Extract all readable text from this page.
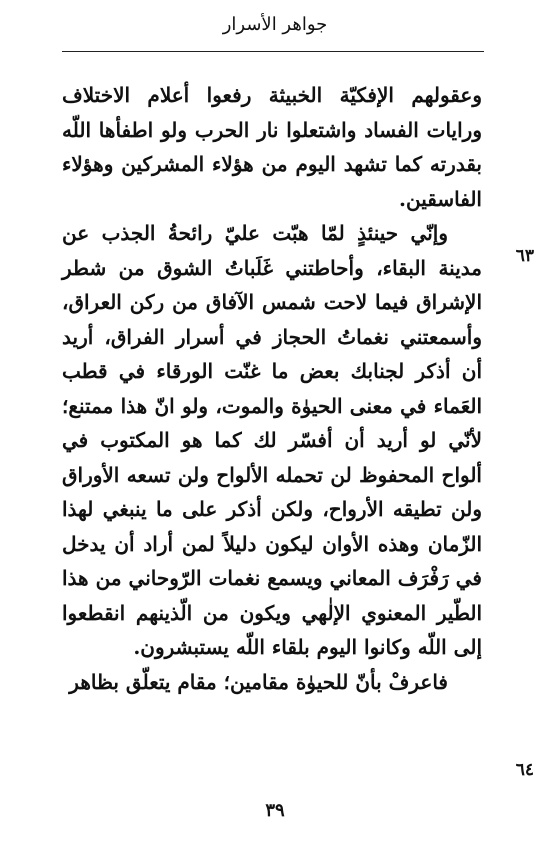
جواهر الأسرار

وعقولهم الإفكيّة الخبيثة رفعوا أعلام الاختلاف ورايات الفساد واشتعلوا نار الحرب ولو اطفأها اللّه بقدرته كما تشهد اليوم من هؤلاء المشركين وهؤلاء الفاسقين.

وإنّي حينئذٍ لمّا هبّت عليّ رائحةُ الجذب عن مدينة البقاء، وأحاطتني غَلَباتُ الشوق من شطر الإشراق فيما لاحت شمس الآفاق من ركن العراق، وأسمعتني نغماتُ الحجاز في أسرار الفراق، أريد أن أذكر لجنابك بعض ما غنّت الورقاء في قطب العَماء في معنى الحيوٰة والموت، ولو انّ هذا ممتنع؛ لأنّي لو أريد أن أفسّر لك كما هو المكتوب في ألواح المحفوظ لن تحمله الألواح ولن تسعه الأوراق ولن تطيقه الأرواح، ولكن أذكر على ما ينبغي لهذا الزّمان وهذه الأوان ليكون دليلاً لمن أراد أن يدخل في رَفْرَف المعاني ويسمع نغمات الرّوحاني من هذا الطّير المعنوي الإلٰهي ويكون من الّذينهم انقطعوا إلى اللّه وكانوا اليوم بلقاء اللّه يستبشرون.

فاعرفْ بأنّ للحيوٰة مقامين؛ مقام يتعلّق بظاهر

٦٣
٦٤
٣٩
